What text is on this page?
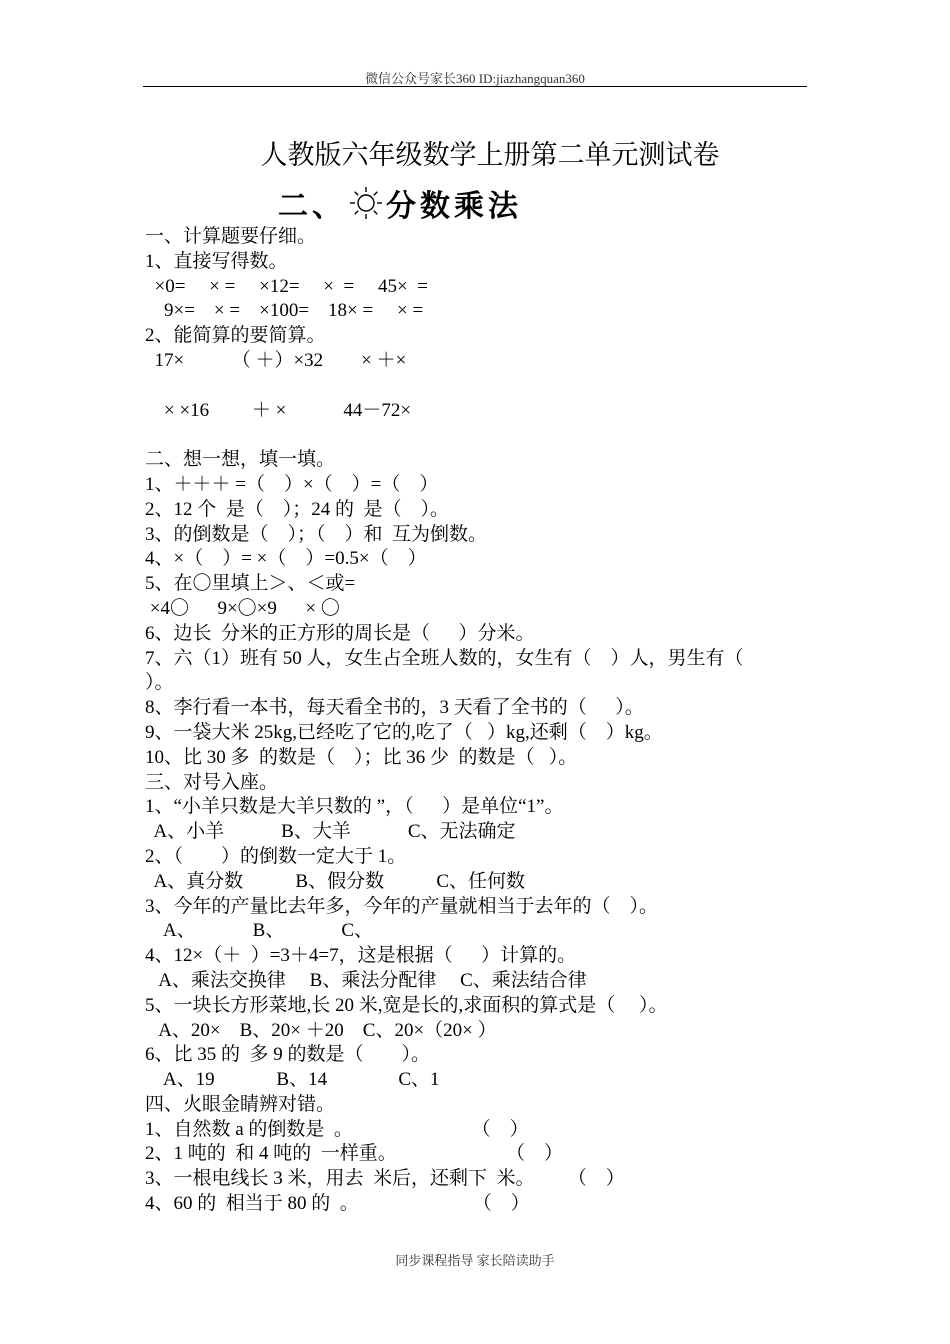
微信公众号家长360 ID:jiazhangquan360
人教版六年级数学上册第二单元测试卷
二、 分数乘法
一、计算题要仔细。
1、直接写得数。
×0=     × =     ×12=     ×  =     45×  =
9×=    × =    ×100=    18× =     × =
2、能简算的要简算。
17×          （ ＋）×32        × ＋×
× ×16         ＋ ×            44－72×
二、想一想，填一填。
1、＋＋＋ =（    ）×（    ）=（    ）
2、12 个  是（    ）；24 的  是（    ）。
3、的倒数是（    ）；（    ）和  互为倒数。
4、×（    ）= ×（    ）=0.5×（    ）
5、在〇里填上＞、＜或=
×4〇      9×〇×9      × 〇
6、边长  分米的正方形的周长是（      ）分米。
7、六（1）班有 50 人，女生占全班人数的，女生有（    ）人，男生有（
）。
8、李行看一本书，每天看全书的，3 天看了全书的（      ）。
9、一袋大米 25kg,已经吃了它的,吃了（   ）kg,还剩（    ）kg。
10、比 30 多  的数是（    ）；比 36 少  的数是（   ）。
三、对号入座。
1、“小羊只数是大羊只数的 ”，（      ）是单位“1”。
A、小羊            B、大羊            C、无法确定
2、（        ）的倒数一定大于 1。
A、真分数           B、假分数           C、任何数
3、今年的产量比去年多，今年的产量就相当于去年的（    ）。
A、            B、            C、
4、12×（＋  ）=3＋4=7，这是根据（      ）计算的。
A、乘法交换律     B、乘法分配律     C、乘法结合律
5、一块长方形菜地,长 20 米,宽是长的,求面积的算式是（     ）。
A、20×    B、20× ＋20    C、20×（20× ）
6、比 35 的  多 9 的数是（        ）。
A、19             B、14               C、1
四、火眼金睛辨对错。
1、自然数 a 的倒数是  。                         （    ）
2、1 吨的  和 4 吨的  一样重。                       （    ）
3、一根电线长 3 米，用去  米后，还剩下  米。       （    ）
4、60 的  相当于 80 的  。                        （    ）
同步课程指导 家长陪读助手
